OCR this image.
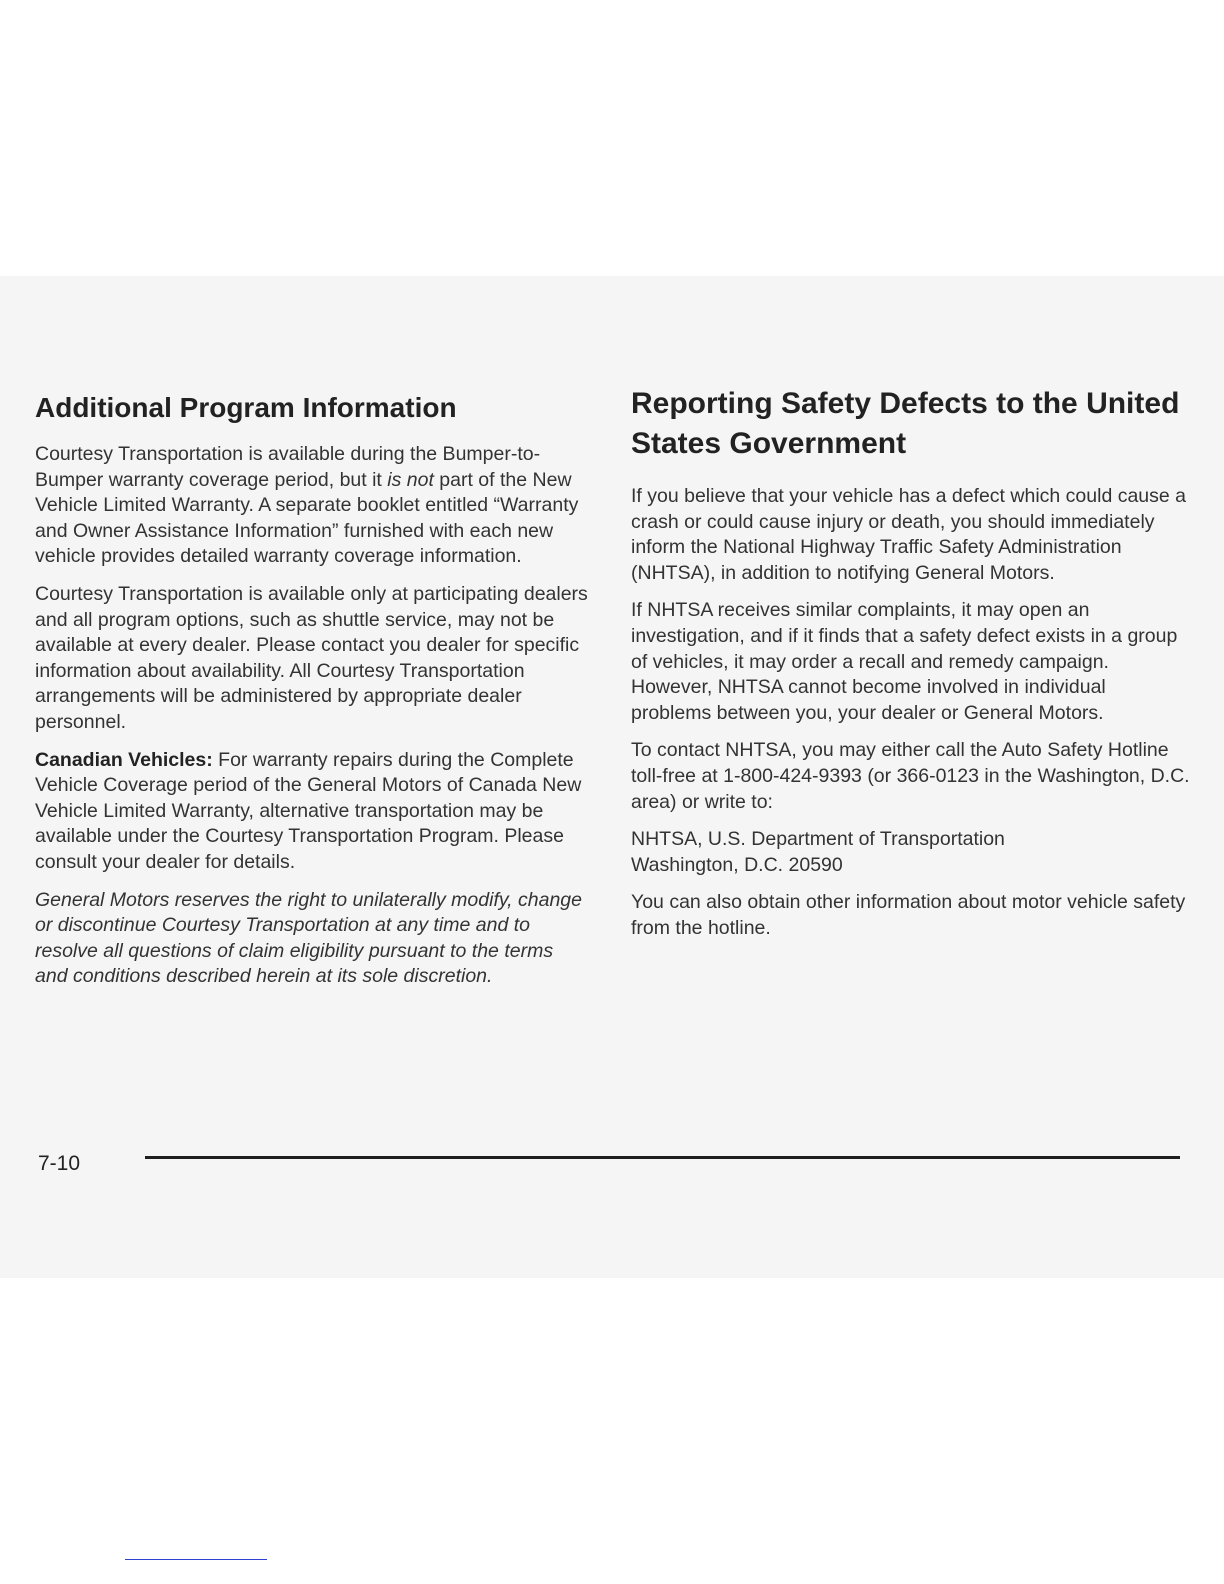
Additional Program Information

Courtesy Transportation is available during the Bumper-to-Bumper warranty coverage period, but it is not part of the New Vehicle Limited Warranty. A separate booklet entitled “Warranty and Owner Assistance Information” furnished with each new vehicle provides detailed warranty coverage information.

Courtesy Transportation is available only at participating dealers and all program options, such as shuttle service, may not be available at every dealer. Please contact you dealer for specific information about availability. All Courtesy Transportation arrangements will be administered by appropriate dealer personnel.

Canadian Vehicles: For warranty repairs during the Complete Vehicle Coverage period of the General Motors of Canada New Vehicle Limited Warranty, alternative transportation may be available under the Courtesy Transportation Program. Please consult your dealer for details.

General Motors reserves the right to unilaterally modify, change or discontinue Courtesy Transportation at any time and to resolve all questions of claim eligibility pursuant to the terms and conditions described herein at its sole discretion.

Reporting Safety Defects to the United States Government

If you believe that your vehicle has a defect which could cause a crash or could cause injury or death, you should immediately inform the National Highway Traffic Safety Administration (NHTSA), in addition to notifying General Motors.

If NHTSA receives similar complaints, it may open an investigation, and if it finds that a safety defect exists in a group of vehicles, it may order a recall and remedy campaign. However, NHTSA cannot become involved in individual problems between you, your dealer or General Motors.

To contact NHTSA, you may either call the Auto Safety Hotline toll-free at 1-800-424-9393 (or 366-0123 in the Washington, D.C. area) or write to:

NHTSA, U.S. Department of Transportation
Washington, D.C. 20590

You can also obtain other information about motor vehicle safety from the hotline.

7-10
